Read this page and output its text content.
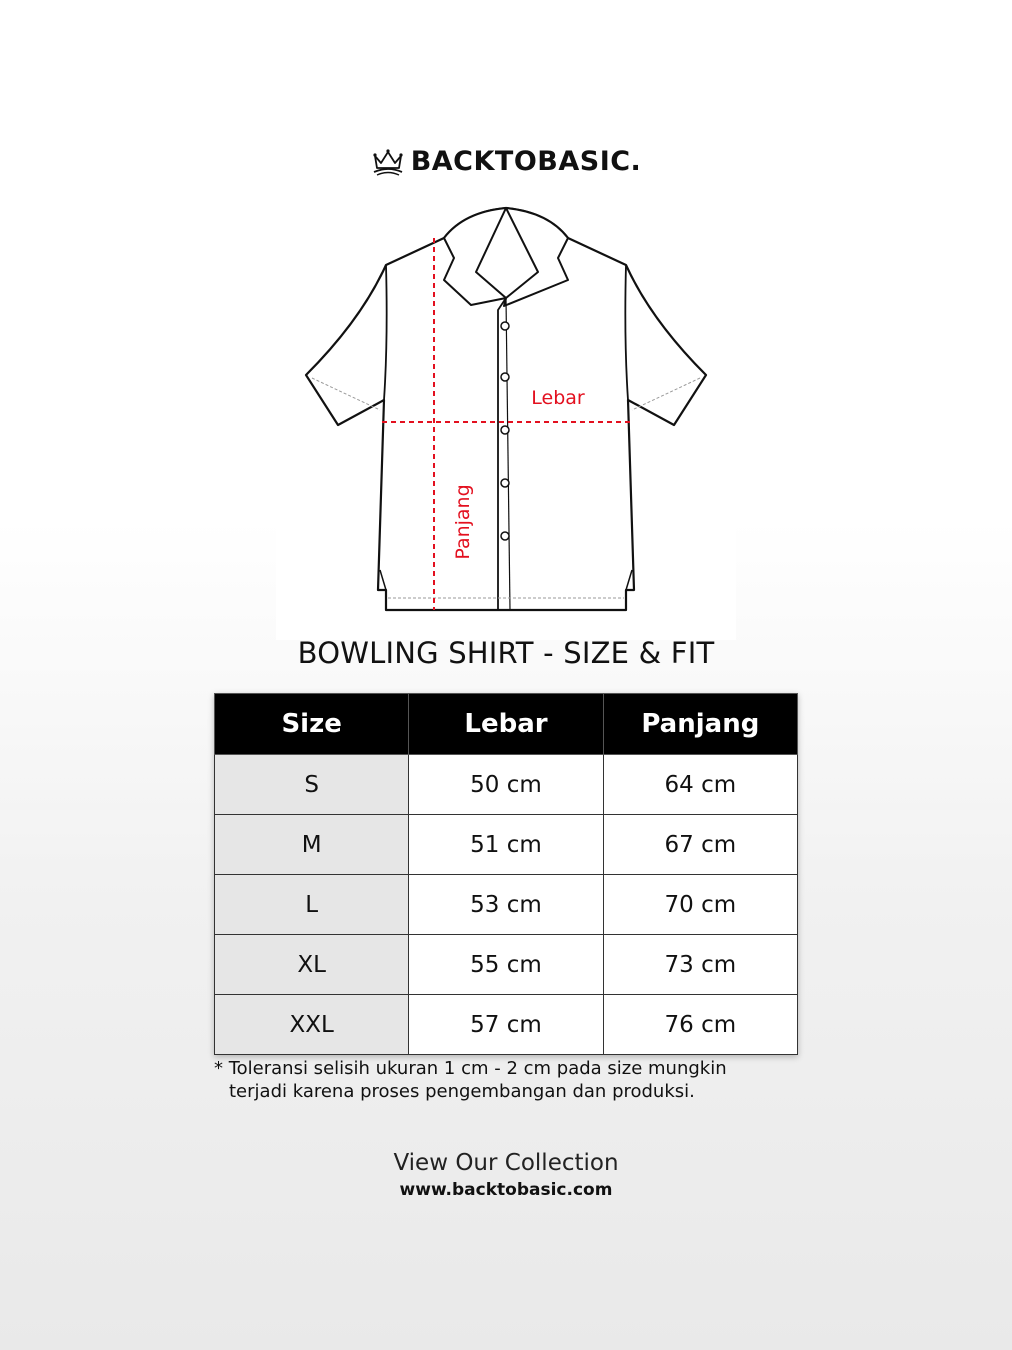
BACKTOBASIC.
Lebar
Panjang
BOWLING SHIRT - SIZE & FIT
Size	Lebar	Panjang
S	50 cm	64 cm
M	51 cm	67 cm
L	53 cm	70 cm
XL	55 cm	73 cm
XXL	57 cm	76 cm
* Toleransi selisih ukuran 1 cm - 2 cm pada size mungkin
terjadi karena proses pengembangan dan produksi.
View Our Collection
www.backtobasic.com
